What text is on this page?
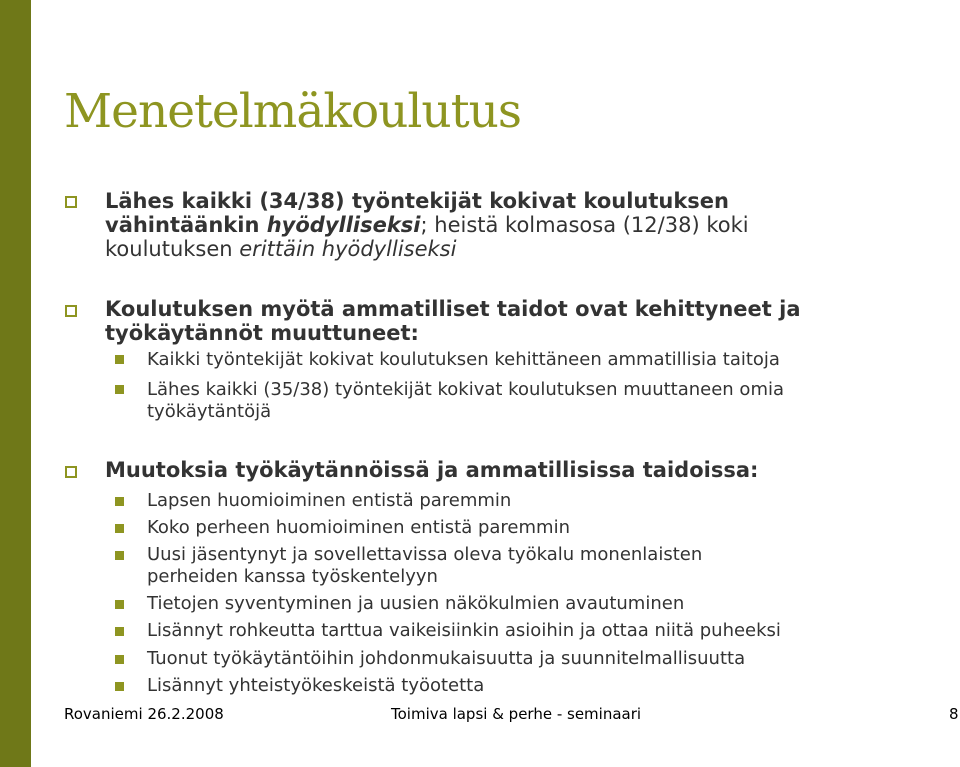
Menetelmäkoulutus
Lähes kaikki (34/38) työntekijät kokivat koulutuksen
vähintäänkin hyödylliseksi; heistä kolmasosa (12/38) koki
koulutuksen erittäin hyödylliseksi
Koulutuksen myötä ammatilliset taidot ovat kehittyneet ja
työkäytännöt muuttuneet:
Kaikki työntekijät kokivat koulutuksen kehittäneen ammatillisia taitoja
Lähes kaikki (35/38) työntekijät kokivat koulutuksen muuttaneen omia
työkäytäntöjä
Muutoksia työkäytännöissä ja ammatillisissa taidoissa:
Lapsen huomioiminen entistä paremmin
Koko perheen huomioiminen entistä paremmin
Uusi jäsentynyt ja sovellettavissa oleva työkalu monenlaisten
perheiden kanssa työskentelyyn
Tietojen syventyminen ja uusien näkökulmien avautuminen
Lisännyt rohkeutta tarttua vaikeisiinkin asioihin ja ottaa niitä puheeksi
Tuonut työkäytäntöihin johdonmukaisuutta ja suunnitelmallisuutta
Lisännyt yhteistyökeskeistä työotetta
Rovaniemi 26.2.2008	Toimiva lapsi & perhe - seminaari	8
